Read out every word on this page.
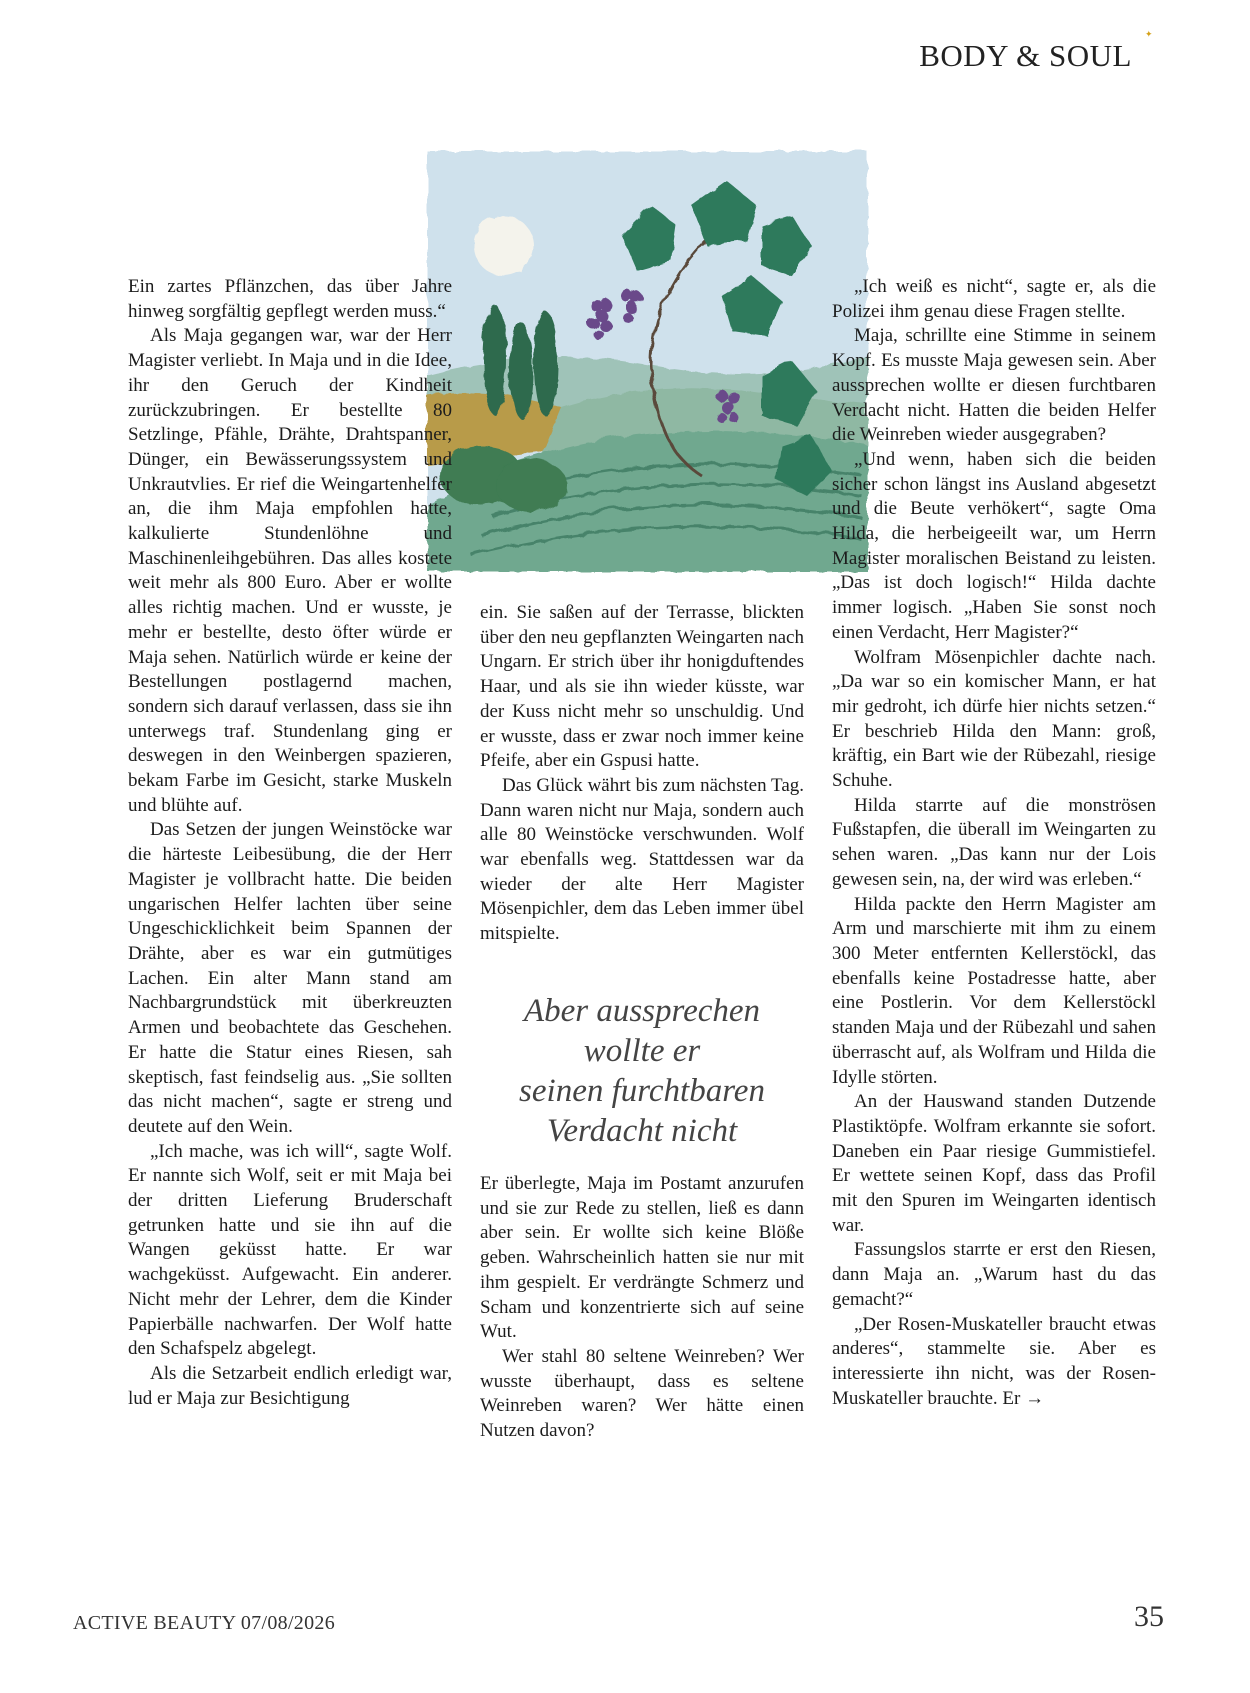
BODY & SOUL
✦

Ein zartes Pflänzchen, das über Jahre hinweg sorgfältig gepflegt werden muss.“

Als Maja gegangen war, war der Herr Magister verliebt. In Maja und in die Idee, ihr den Geruch der Kindheit zurückzubringen. Er bestellte 80 Setzlinge, Pfähle, Drähte, Drahtspanner, Dünger, ein Bewässerungssystem und Unkrautvlies. Er rief die Weingartenhelfer an, die ihm Maja empfohlen hatte, kalkulierte Stundenlöhne und Maschinenleihgebühren. Das alles kostete weit mehr als 800 Euro. Aber er wollte alles richtig machen. Und er wusste, je mehr er bestellte, desto öfter würde er Maja sehen. Natürlich würde er keine der Bestellungen postlagernd machen, sondern sich darauf verlassen, dass sie ihn unterwegs traf. Stundenlang ging er deswegen in den Weinbergen spazieren, bekam Farbe im Gesicht, starke Muskeln und blühte auf.

Das Setzen der jungen Weinstöcke war die härteste Leibesübung, die der Herr Magister je vollbracht hatte. Die beiden ungarischen Helfer lachten über seine Ungeschicklichkeit beim Spannen der Drähte, aber es war ein gutmütiges Lachen. Ein alter Mann stand am Nachbargrundstück mit überkreuzten Armen und beobachtete das Geschehen. Er hatte die Statur eines Riesen, sah skeptisch, fast feindselig aus. „Sie sollten das nicht machen“, sagte er streng und deutete auf den Wein.

„Ich mache, was ich will“, sagte Wolf. Er nannte sich Wolf, seit er mit Maja bei der dritten Lieferung Bruderschaft getrunken hatte und sie ihn auf die Wangen geküsst hatte. Er war wachgeküsst. Aufgewacht. Ein anderer. Nicht mehr der Lehrer, dem die Kinder Papierbälle nachwarfen. Der Wolf hatte den Schafspelz abgelegt.

Als die Setzarbeit endlich erledigt war, lud er Maja zur Besichtigung

ein. Sie saßen auf der Terrasse, blickten über den neu gepflanzten Weingarten nach Ungarn. Er strich über ihr honigduftendes Haar, und als sie ihn wieder küsste, war der Kuss nicht mehr so unschuldig. Und er wusste, dass er zwar noch immer keine Pfeife, aber ein Gspusi hatte.

Das Glück währt bis zum nächsten Tag. Dann waren nicht nur Maja, sondern auch alle 80 Weinstöcke verschwunden. Wolf war ebenfalls weg. Stattdessen war da wieder der alte Herr Magister Mösenpichler, dem das Leben immer übel mitspielte.

Aber aussprechen
wollte er
seinen furchtbaren
Verdacht nicht

Er überlegte, Maja im Postamt anzurufen und sie zur Rede zu stellen, ließ es dann aber sein. Er wollte sich keine Blöße geben. Wahrscheinlich hatten sie nur mit ihm gespielt. Er verdrängte Schmerz und Scham und konzentrierte sich auf seine Wut.

Wer stahl 80 seltene Weinreben? Wer wusste überhaupt, dass es seltene Weinreben waren? Wer hätte einen Nutzen davon?

„Ich weiß es nicht“, sagte er, als die Polizei ihm genau diese Fragen stellte.

Maja, schrillte eine Stimme in seinem Kopf. Es musste Maja gewesen sein. Aber aussprechen wollte er diesen furchtbaren Verdacht nicht. Hatten die beiden Helfer die Weinreben wieder ausgegraben?

„Und wenn, haben sich die beiden sicher schon längst ins Ausland abgesetzt und die Beute verhökert“, sagte Oma Hilda, die herbeigeeilt war, um Herrn Magister moralischen Beistand zu leisten. „Das ist doch logisch!“ Hilda dachte immer logisch. „Haben Sie sonst noch einen Verdacht, Herr Magister?“

Wolfram Mösenpichler dachte nach. „Da war so ein komischer Mann, er hat mir gedroht, ich dürfe hier nichts setzen.“ Er beschrieb Hilda den Mann: groß, kräftig, ein Bart wie der Rübezahl, riesige Schuhe.

Hilda starrte auf die monströsen Fußstapfen, die überall im Weingarten zu sehen waren. „Das kann nur der Lois gewesen sein, na, der wird was erleben.“

Hilda packte den Herrn Magister am Arm und marschierte mit ihm zu einem 300 Meter entfernten Kellerstöckl, das ebenfalls keine Postadresse hatte, aber eine Postlerin. Vor dem Kellerstöckl standen Maja und der Rübezahl und sahen überrascht auf, als Wolfram und Hilda die Idylle störten.

An der Hauswand standen Dutzende Plastiktöpfe. Wolfram erkannte sie sofort. Daneben ein Paar riesige Gummistiefel. Er wettete seinen Kopf, dass das Profil mit den Spuren im Weingarten identisch war.

Fassungslos starrte er erst den Riesen, dann Maja an. „Warum hast du das gemacht?“

„Der Rosen-Muskateller braucht etwas anderes“, stammelte sie. Aber es interessierte ihn nicht, was der Rosen-Muskateller brauchte. Er →

ACTIVE BEAUTY 07/08/2026	35
